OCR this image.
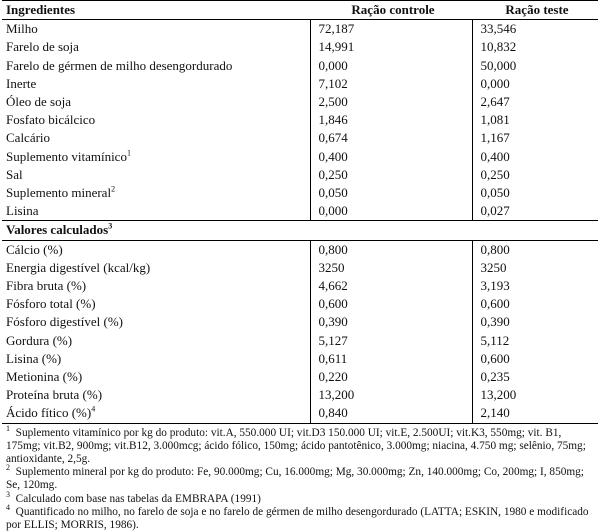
Ingredientes	Ração controle	Ração teste
Milho	72,187	33,546
Farelo de soja	14,991	10,832
Farelo de gérmen de milho desengordurado	0,000	50,000
Inerte	7,102	0,000
Óleo de soja	2,500	2,647
Fosfato bicálcico	1,846	1,081
Calcário	0,674	1,167
Suplemento vitamínico$^1$	0,400	0,400
Sal	0,250	0,250
Suplemento mineral$^2$	0,050	0,050
Lisina	0,000	0,027
Valores calculados$^3$
Cálcio (%)	0,800	0,800
Energia digestível (kcal/kg)	3250	3250
Fibra bruta (%)	4,662	3,193
Fósforo total (%)	0,600	0,600
Fósforo digestível (%)	0,390	0,390
Gordura (%)	5,127	5,112
Lisina (%)	0,611	0,600
Metionina (%)	0,220	0,235
Proteína bruta (%)	13,200	13,200
Ácido fítico (%)$^4$	0,840	2,140

$^1$ Suplemento vitamínico por kg do produto: vit.A, 550.000 UI; vit.D3 150.000 UI; vit.E, 2.500UI; vit.K3, 550mg; vit. B1, 175mg; vit.B2, 900mg; vit.B12, 3.000mcg; ácido fólico, 150mg; ácido pantotênico, 3.000mg; niacina, 4.750 mg; selênio, 75mg; antioxidante, 2,5g.

$^2$ Suplemento mineral por kg do produto: Fe, 90.000mg; Cu, 16.000mg; Mg, 30.000mg; Zn, 140.000mg; Co, 200mg; I, 850mg; Se, 120mg.

$^3$ Calculado com base nas tabelas da EMBRAPA (1991)

$^4$ Quantificado no milho, no farelo de soja e no farelo de gérmen de milho desengordurado (LATTA; ESKIN, 1980 e modificado por ELLIS; MORRIS, 1986).
